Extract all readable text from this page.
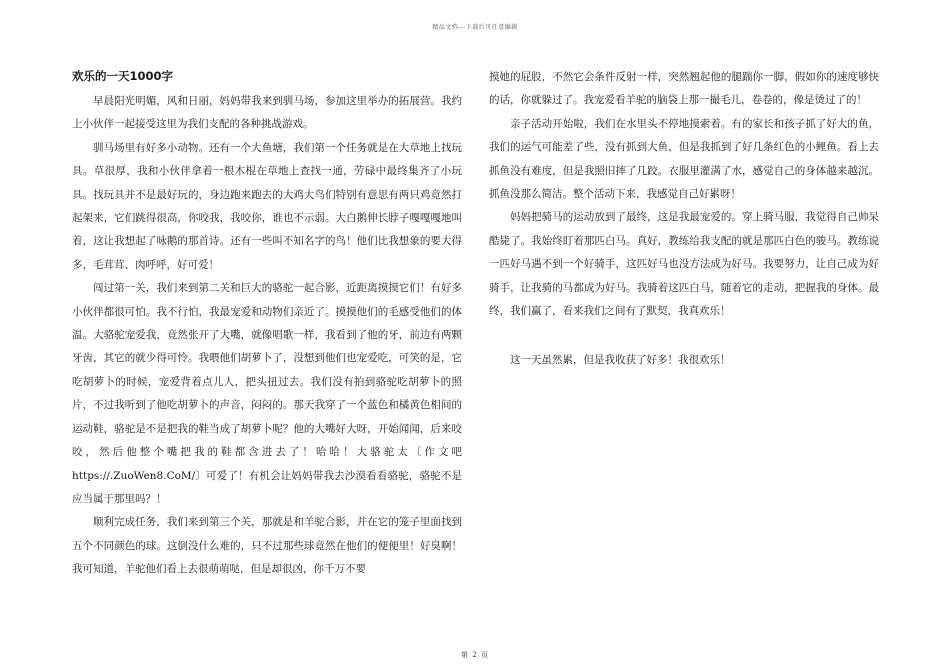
精品文档---下载后可任意编辑
欢乐的一天1000字

早晨阳光明媚，风和日丽，妈妈带我来到驯马场，参加这里举办的拓展营。我约上小伙伴一起接受这里为我们支配的各种挑战游戏。

驯马场里有好多小动物。还有一个大鱼塘，我们第一个任务就是在大草地上找玩具。草很厚，我和小伙伴拿着一根木棍在草地上查找一通，劳碌中最终集齐了小玩具。找玩具并不是最好玩的，身边跑来跑去的大鸡大鸟们特别有意思有两只鸡竟然打起架来，它们跳得很高，你咬我，我咬你，谁也不示弱。大白鹅伸长脖子嘎嘎嘎地叫着，这让我想起了咏鹅的那首诗。还有一些叫不知名字的鸟！他们比我想象的要大得多，毛茸茸、肉呼呼，好可爱！

闯过第一关，我们来到第二关和巨大的骆驼一起合影，近距离摸摸它们！有好多小伙伴都很可怕。我不行怕，我最宠爱和动物们亲近了。摸摸他们的毛感受他们的体温。大骆驼宠爱我，竟然张开了大嘴，就像唱歌一样，我看到了他的牙，前边有两颗牙齿，其它的就少得可怜。我喂他们胡萝卜了，没想到他们也宠爱吃，可笑的是，它吃胡萝卜的时候，宠爱背着点儿人，把头扭过去。我们没有拍到骆驼吃胡萝卜的照片，不过我听到了他吃胡萝卜的声音，闷闷的。那天我穿了一个蓝色和橘黄色相间的运动鞋，骆驼是不是把我的鞋当成了胡萝卜呢？他的大嘴好大呀，开始闻闻，后来咬咬，然后他整个嘴把我的鞋都含进去了！哈哈！大骆驼太〔作文吧https://.ZuoWen8.CoM/〕可爱了！有机会让妈妈带我去沙漠看看骆驼，骆驼不是应当属于那里吗？！

顺利完成任务，我们来到第三个关，那就是和羊驼合影，并在它的笼子里面找到五个不同颜色的球。这倒没什么难的，只不过那些球竟然在他们的便便里！好臭啊！我可知道，羊驼他们看上去很萌萌哒，但是却很凶，你千万不要

摸她的屁股，不然它会条件反射一样，突然翘起他的腿踹你一脚，假如你的速度够快的话，你就躲过了。我宠爱看羊驼的脑袋上那一撮毛儿，卷卷的，像是烫过了的！

亲子活动开始啦，我们在水里头不停地摸索着。有的家长和孩子抓了好大的鱼，我们的运气可能差了些，没有抓到大鱼，但是我抓到了好几条红色的小鲤鱼。看上去抓鱼没有难度，但是我照旧摔了几跤。衣服里灌满了水，感觉自己的身体越来越沉。抓鱼没那么简洁。整个活动下来，我感觉自己好累呀！

妈妈把骑马的运动放到了最终，这是我最宠爱的。穿上骑马服，我觉得自己帅呆酷毙了。我始终盯着那匹白马。真好，教练给我支配的就是那匹白色的骏马。教练说一匹好马遇不到一个好骑手，这匹好马也没方法成为好马。我要努力，让自己成为好骑手，让我骑的马都成为好马。我骑着这匹白马，随着它的走动，把握我的身体。最终，我们赢了，看来我们之间有了默契，我真欢乐！

这一天虽然累，但是我收获了好多！我很欢乐！

第 2 页
